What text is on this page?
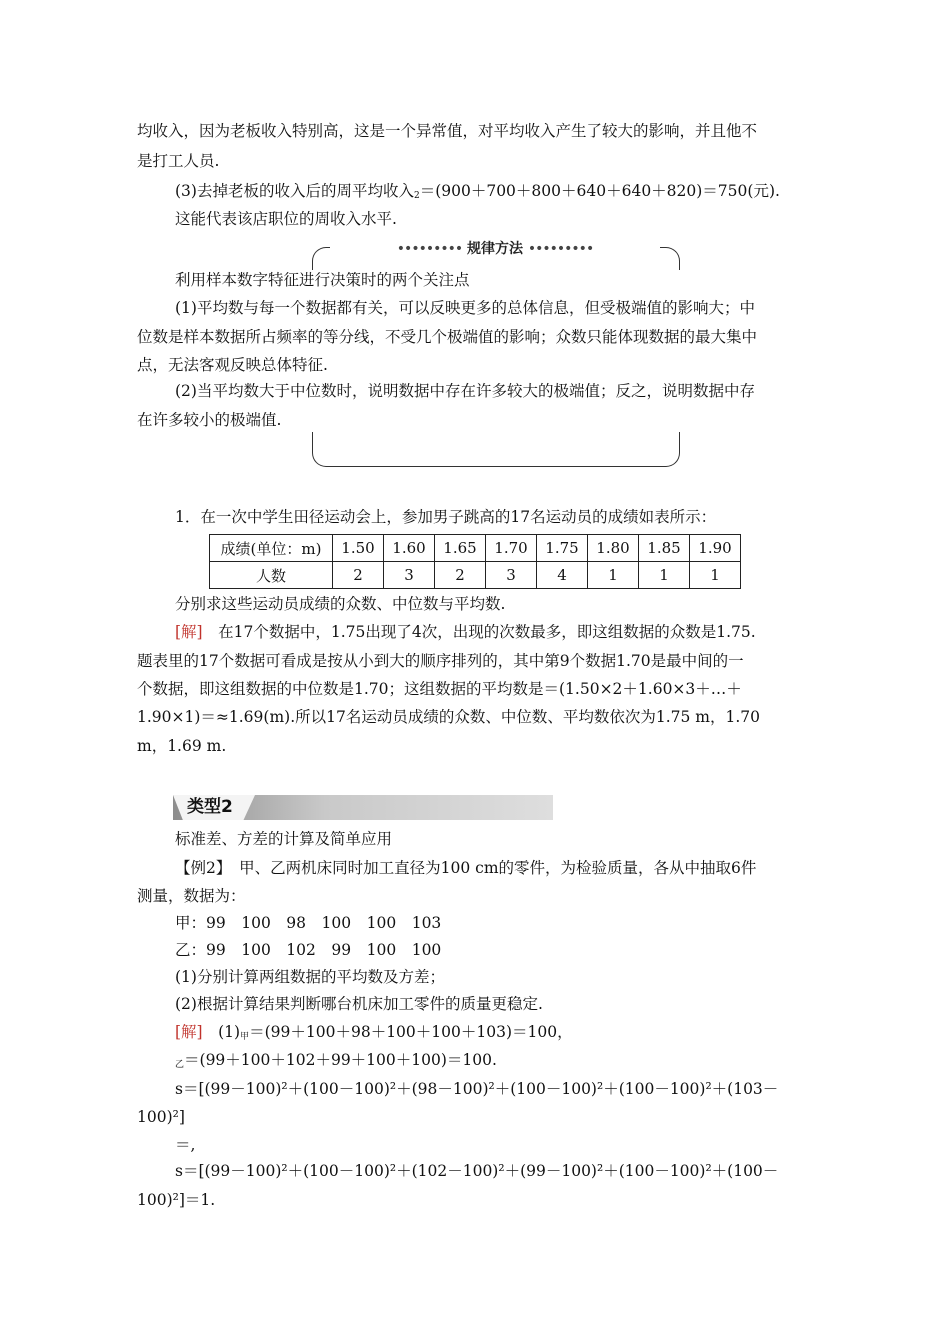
均收入，因为老板收入特别高，这是一个异常值，对平均收入产生了较大的影响，并且他不
是打工人员.
(3)去掉老板的收入后的周平均收入$_2$＝(900＋700＋800＋640＋640＋820)＝750(元).
这能代表该店职位的周收入水平.
••••••••• 规律方法 •••••••••
利用样本数字特征进行决策时的两个关注点
(1)平均数与每一个数据都有关，可以反映更多的总体信息，但受极端值的影响大；中
位数是样本数据所占频率的等分线，不受几个极端值的影响；众数只能体现数据的最大集中
点，无法客观反映总体特征.
(2)当平均数大于中位数时，说明数据中存在许多较大的极端值；反之，说明数据中存
在许多较小的极端值.
1．在一次中学生田径运动会上，参加男子跳高的17名运动员的成绩如表所示：
成绩(单位：m)	1.50	1.60	1.65	1.70	1.75	1.80	1.85	1.90
人数	2	3	2	3	4	1	1	1
分别求这些运动员成绩的众数、中位数与平均数.
[解]　 在17个数据中，1.75出现了4次，出现的次数最多，即这组数据的众数是1.75.
题表里的17个数据可看成是按从小到大的顺序排列的，其中第9个数据1.70是最中间的一
个数据，即这组数据的中位数是1.70；这组数据的平均数是＝(1.50×2＋1.60×3＋…＋
1.90×1)＝≈1.69(m).所以17名运动员成绩的众数、中位数、平均数依次为1.75 m，1.70
m，1.69 m.
类型2
标准差、方差的计算及简单应用
【例2】　 甲、乙两机床同时加工直径为100 cm的零件，为检验质量，各从中抽取6件
测量，数据为：
甲：99　100　98　100　100　103
乙：99　100　102　99　100　100
(1)分别计算两组数据的平均数及方差；
(2)根据计算结果判断哪台机床加工零件的质量更稳定.
[解]　 $(1)_甲=(99+100+98+100+100+103)=100$，
$_乙$＝(99＋100＋102＋99＋100＋100)＝100.
s＝[(99－100)²＋(100－100)²＋(98－100)²＋(100－100)²＋(100－100)²＋(103－
100)²]
＝,
s＝[(99－100)²＋(100－100)²＋(102－100)²＋(99－100)²＋(100－100)²＋(100－
100)²]＝1.
